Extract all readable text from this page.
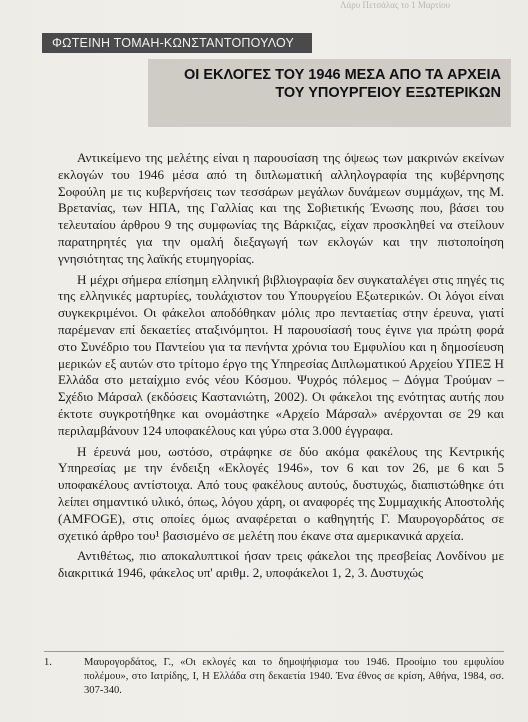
Λάρυ Πετσάλας το 1 Μαρτίου
ΦΩΤΕΙΝΗ ΤΟΜΑΗ-ΚΩΝΣΤΑΝΤΟΠΟΥΛΟΥ
ΟΙ ΕΚΛΟΓΕΣ ΤΟΥ 1946 ΜΕΣΑ ΑΠΟ ΤΑ ΑΡΧΕΙΑ
ΤΟΥ ΥΠΟΥΡΓΕΙΟΥ ΕΞΩΤΕΡΙΚΩΝ

Αντικείμενο της μελέτης είναι η παρουσίαση της όψεως των μακρινών εκείνων εκλογών του 1946 μέσα από τη διπλωματική αλληλογραφία της κυβέρνησης Σοφούλη με τις κυβερνήσεις των τεσσάρων μεγάλων δυνάμεων συμμάχων, της Μ. Βρετανίας, των ΗΠΑ, της Γαλλίας και της Σοβιετικής Ένωσης που, βάσει του τελευταίου άρθρου 9 της συμφωνίας της Βάρκιζας, είχαν προσκληθεί να στείλουν παρατηρητές για την ομαλή διεξαγωγή των εκλογών και την πιστοποίηση γνησιότητας της λαϊκής ετυμηγορίας.

Η μέχρι σήμερα επίσημη ελληνική βιβλιογραφία δεν συγκαταλέγει στις πηγές τις της ελληνικές μαρτυρίες, τουλάχιστον του Υπουργείου Εξωτερικών. Οι λόγοι είναι συγκεκριμένοι. Οι φάκελοι αποδόθηκαν μόλις προ πενταετίας στην έρευνα, γιατί παρέμεναν επί δεκαετίες αταξινόμητοι. Η παρουσίασή τους έγινε για πρώτη φορά στο Συνέδριο του Παντείου για τα πενήντα χρόνια του Εμφυλίου και η δημοσίευση μερικών εξ αυτών στο τρίτομο έργο της Υπηρεσίας Διπλωματικού Αρχείου ΥΠΕΞ Η Ελλάδα στο μεταίχμιο ενός νέου Κόσμου. Ψυχρός πόλεμος – Δόγμα Τρούμαν – Σχέδιο Μάρσαλ (εκδόσεις Καστανιώτη, 2002). Οι φάκελοι της ενότητας αυτής που έκτοτε συγκροτήθηκε και ονομάστηκε «Αρχείο Μάρσαλ» ανέρχονται σε 29 και περιλαμβάνουν 124 υποφακέλους και γύρω στα 3.000 έγγραφα.

Η έρευνά μου, ωστόσο, στράφηκε σε δύο ακόμα φακέλους της Κεντρικής Υπηρεσίας με την ένδειξη «Εκλογές 1946», τον 6 και τον 26, με 6 και 5 υποφακέλους αντίστοιχα. Από τους φακέλους αυτούς, δυστυχώς, διαπιστώθηκε ότι λείπει σημαντικό υλικό, όπως, λόγου χάρη, οι αναφορές της Συμμαχικής Αποστολής (AMFOGE), στις οποίες όμως αναφέρεται ο καθηγητής Γ. Μαυρογορδάτος σε σχετικό άρθρο του¹ βασισμένο σε μελέτη που έκανε στα αμερικανικά αρχεία.

Αντιθέτως, πιο αποκαλυπτικοί ήσαν τρεις φάκελοι της πρεσβείας Λονδίνου με διακριτικά 1946, φάκελος υπ' αριθμ. 2, υποφάκελοι 1, 2, 3. Δυστυχώς

1.	Μαυρογορδάτος, Γ., «Οι εκλογές και το δημοψήφισμα του 1946. Προοίμιο του εμφυλίου πολέμου», στο Ιατρίδης, Ι, Η Ελλάδα στη δεκαετία 1940. Ένα έθνος σε κρίση, Αθήνα, 1984, σσ. 307-340.
